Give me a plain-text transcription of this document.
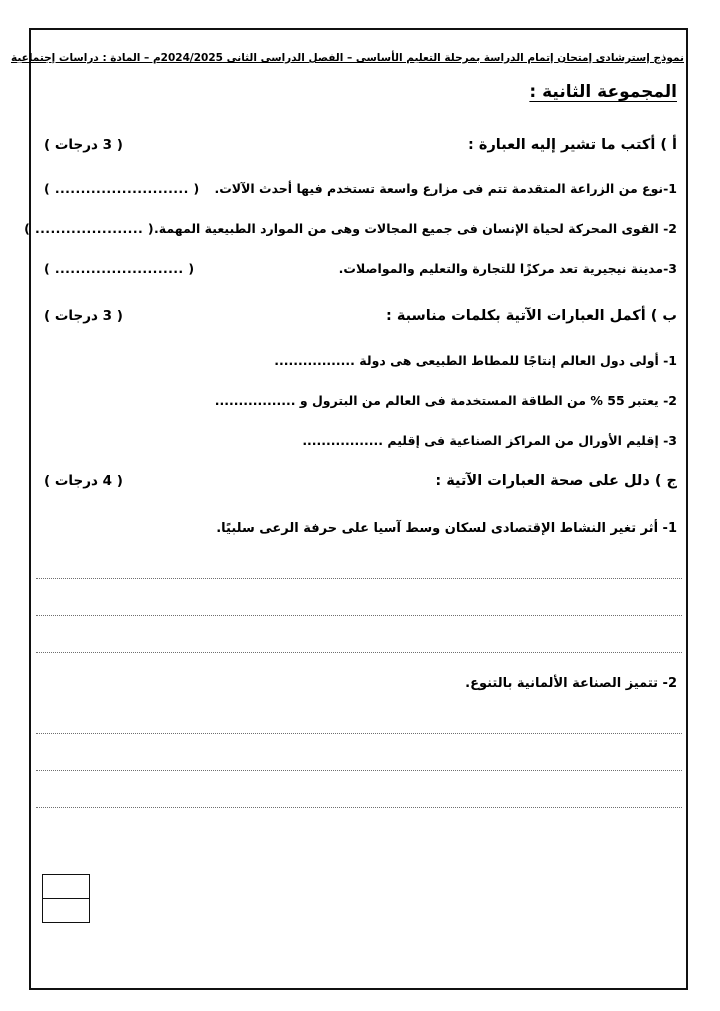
نموذج إسترشادى إمتحان إتمام الدراسة بمرحلة التعليم الأساسى – الفصل الدراسى الثانى 2024/2025م – المادة : دراسات إجتماعية
المجموعة الثانية :
أ ) أكتب ما تشير إليه العبارة :
( 3 درجات )
1-نوع من الزراعة المتقدمة تتم فى مزارع واسعة تستخدم فيها أحدث الآلات.
( .......................... )
2- القوى المحركة لحياة الإنسان فى جميع المجالات وهى من الموارد الطبيعية المهمة.
( ..................... )
3-مدينة نيجيرية تعد مركزًا للتجارة والتعليم والمواصلات.
( ......................... )
ب ) أكمل العبارات الآتية بكلمات مناسبة :
( 3 درجات )
1- أولى دول العالم إنتاجًا للمطاط الطبيعى هى دولة .................
2- يعتبر 55 % من الطاقة المستخدمة فى العالم من البترول و .................
3- إقليم الأورال من المراكز الصناعية فى إقليم .................
ج ) دلل على صحة العبارات الآتية :
( 4 درجات )
1- أثر تغير النشاط الإقتصادى لسكان وسط آسيا على حرفة الرعى سلبيًا.
2- تتميز الصناعة الألمانية بالتنوع.
